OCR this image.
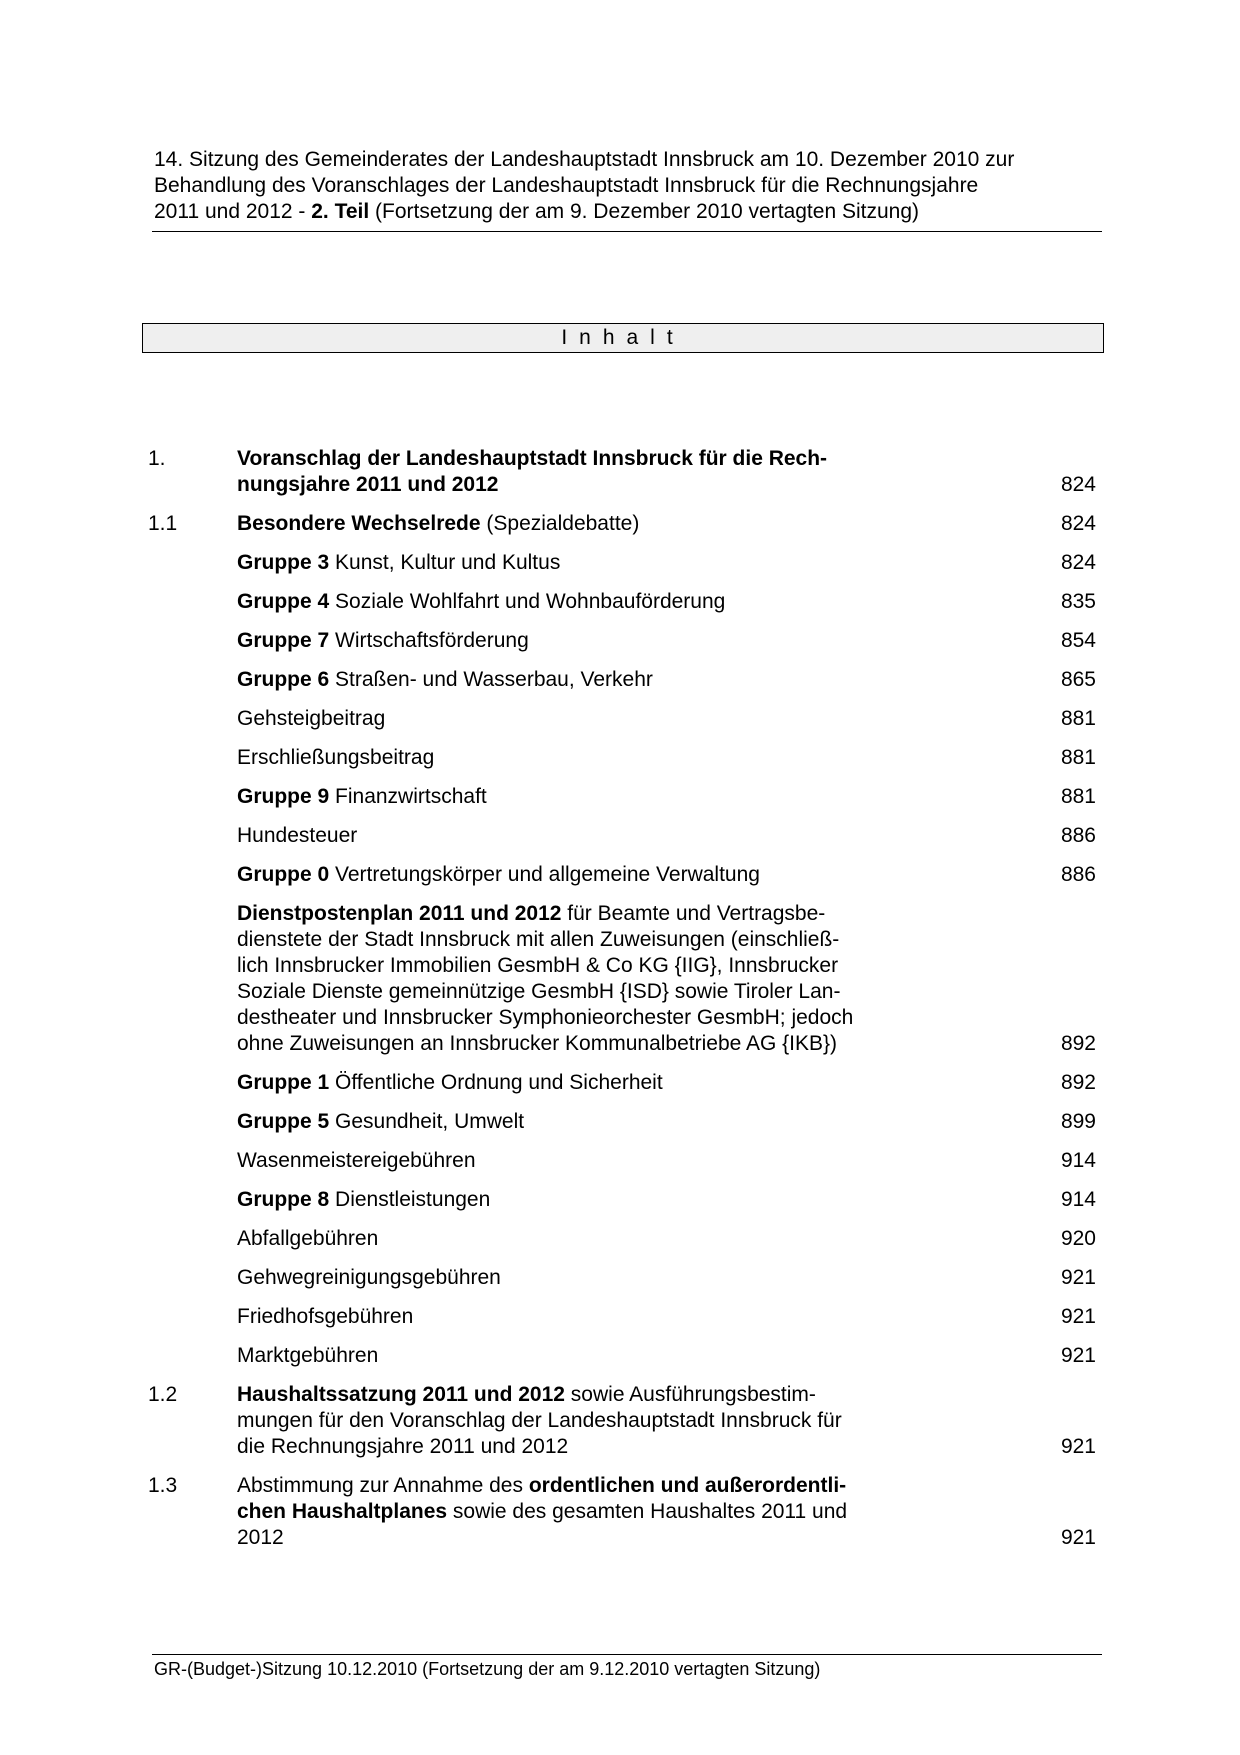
14. Sitzung des Gemeinderates der Landeshauptstadt Innsbruck am 10. Dezember 2010 zur
Behandlung des Voranschlages der Landeshauptstadt Innsbruck für die Rechnungsjahre
2011 und 2012 - 2. Teil (Fortsetzung der am 9. Dezember 2010 vertagten Sitzung)
Inhalt
1.	Voranschlag der Landeshauptstadt Innsbruck für die Rech-
nungsjahre 2011 und 2012	824
1.1	Besondere Wechselrede (Spezialdebatte)	824
Gruppe 3 Kunst, Kultur und Kultus	824
Gruppe 4 Soziale Wohlfahrt und Wohnbauförderung	835
Gruppe 7 Wirtschaftsförderung	854
Gruppe 6 Straßen- und Wasserbau, Verkehr	865
Gehsteigbeitrag	881
Erschließungsbeitrag	881
Gruppe 9 Finanzwirtschaft	881
Hundesteuer	886
Gruppe 0 Vertretungskörper und allgemeine Verwaltung	886
Dienstpostenplan 2011 und 2012 für Beamte und Vertragsbe-
dienstete der Stadt Innsbruck mit allen Zuweisungen (einschließ-
lich Innsbrucker Immobilien GesmbH & Co KG {IIG}, Innsbrucker
Soziale Dienste gemeinnützige GesmbH {ISD} sowie Tiroler Lan-
destheater und Innsbrucker Symphonieorchester GesmbH; jedoch
ohne Zuweisungen an Innsbrucker Kommunalbetriebe AG {IKB})	892
Gruppe 1 Öffentliche Ordnung und Sicherheit	892
Gruppe 5 Gesundheit, Umwelt	899
Wasenmeistereigebühren	914
Gruppe 8 Dienstleistungen	914
Abfallgebühren	920
Gehwegreinigungsgebühren	921
Friedhofsgebühren	921
Marktgebühren	921
1.2	Haushaltssatzung 2011 und 2012 sowie Ausführungsbestim-
mungen für den Voranschlag der Landeshauptstadt Innsbruck für
die Rechnungsjahre 2011 und 2012	921
1.3	Abstimmung zur Annahme des ordentlichen und außerordentli-
chen Haushaltplanes sowie des gesamten Haushaltes 2011 und
2012	921
GR-(Budget-)Sitzung 10.12.2010 (Fortsetzung der am 9.12.2010 vertagten Sitzung)
